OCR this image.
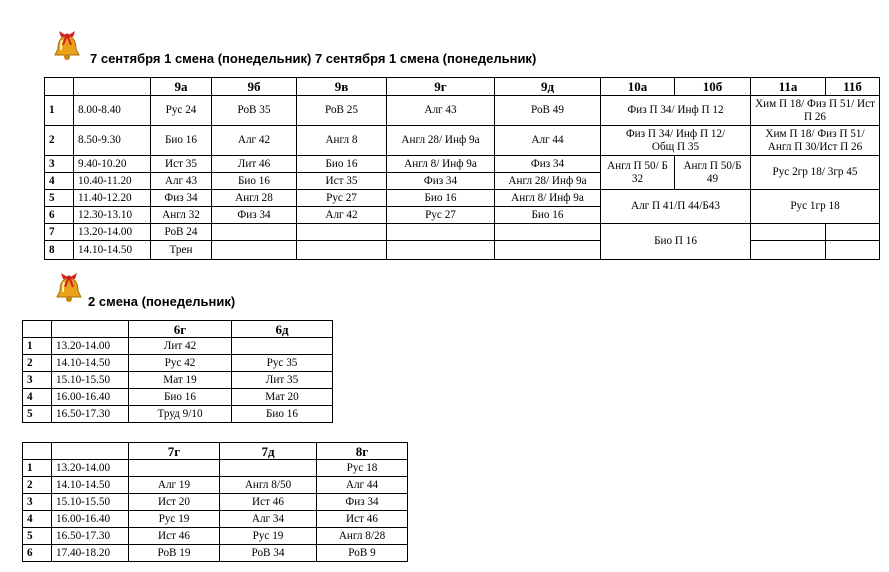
7 сентября 1 смена (понедельник) 7 сентября 1 смена (понедельник)
		9а	9б	9в	9г	9д	10а	10б	11а	11б
1	8.00-8.40	Рус 24	РоВ 35	РоВ 25	Алг 43	РоВ 49	Физ П 34/ Инф П 12		Хим П 18/ Физ П 51/ Ист П 26	
2	8.50-9.30	Био 16	Алг 42	Англ 8	Англ 28/ Инф 9а	Алг 44	Физ П 34/ Инф П 12/ Общ П 35		Хим П 18/ Физ П 51/ Англ П 30/Ист П 26	
3	9.40-10.20	Ист 35	Лит 46	Био 16	Англ 8/ Инф 9а	Физ 34	Англ П 50/ Б 32	Англ П 50/Б 49	Рус 2гр 18/ 3гр 45	
4	10.40-11.20	Алг 43	Био 16	Ист 35	Физ 34	Англ 28/ Инф 9а				
5	11.40-12.20	Физ 34	Англ 28	Рус 27	Био 16	Англ 8/ Инф 9а	Алг П 41/П 44/Б43		Рус 1гр 18	
6	12.30-13.10	Англ 32	Физ 34	Алг 42	Рус 27	Био 16				
7	13.20-14.00	РоВ 24					Био П 16			
8	14.10-14.50	Трен								
2 смена (понедельник)
		6г	6д
1	13.20-14.00	Лит 42	
2	14.10-14.50	Рус 42	Рус 35
3	15.10-15.50	Мат 19	Лит 35
4	16.00-16.40	Био 16	Мат 20
5	16.50-17.30	Труд 9/10	Био 16
		7г	7д	8г
1	13.20-14.00			Рус 18
2	14.10-14.50	Алг 19	Англ 8/50	Алг 44
3	15.10-15.50	Ист 20	Ист 46	Физ 34
4	16.00-16.40	Рус 19	Алг 34	Ист 46
5	16.50-17.30	Ист 46	Рус 19	Англ 8/28
6	17.40-18.20	РоВ 19	РоВ 34	РоВ 9
